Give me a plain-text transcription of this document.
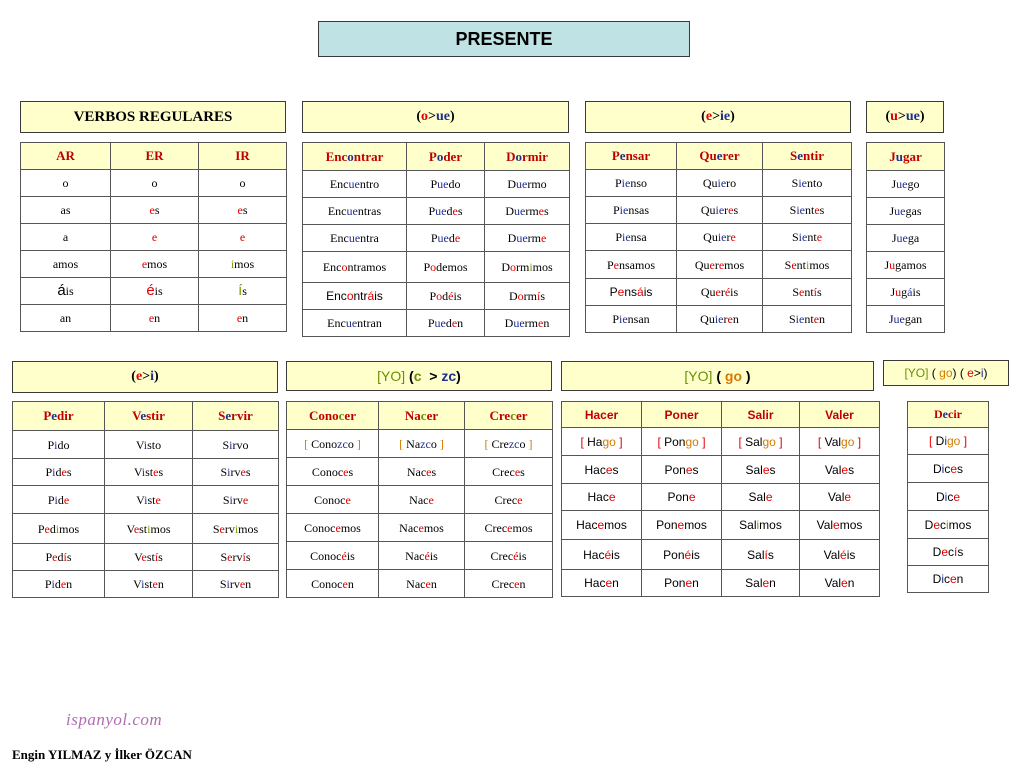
PRESENTE
VERBOS REGULARES	(o>ue)	(e>ie)	(u>ue)
AR	ER	IR
o	o	o
as	es	es
a	e	e
amos	emos	imos
áis	éis	ís
an	en	en
Encontrar	Poder	Dormir
Encuentro	Puedo	Duermo
Encuentras	Puedes	Duermes
Encuentra	Puede	Duerme
Encontramos	Podemos	Dormimos
Encontráis	Podéis	Dormís
Encuentran	Pueden	Duermen
Pensar	Querer	Sentir
Pienso	Quiero	Siento
Piensas	Quieres	Sientes
Piensa	Quiere	Siente
Pensamos	Queremos	Sentimos
Pensáis	Queréis	Sentís
Piensan	Quieren	Sienten
Jugar
Juego
Juegas
Juega
Jugamos
Jugáis
Juegan
(e>i)	[YO] (c  > zc)	[YO] ( go )	[YO] ( go) ( e>i)
Pedir	Vestir	Servir
Pido	Visto	Sirvo
Pides	Vistes	Sirves
Pide	Viste	Sirve
Pedimos	Vestimos	Servimos
Pedís	Vestís	Servís
Piden	Visten	Sirven
Conocer	Nacer	Crecer
[ Conozco ]	[ Nazco ]	[ Crezco ]
Conoces	Naces	Creces
Conoce	Nace	Crece
Conocemos	Nacemos	Crecemos
Conocéis	Nacéis	Crecéis
Conocen	Nacen	Crecen
Hacer	Poner	Salir	Valer
[ Hago ]	[ Pongo ]	[ Salgo ]	[ Valgo ]
Haces	Pones	Sales	Vales
Hace	Pone	Sale	Vale
Hacemos	Ponemos	Salimos	Valemos
Hacéis	Ponéis	Salís	Valéis
Hacen	Ponen	Salen	Valen
Decir
[ Digo ]
Dices
Dice
Decimos
Decís
Dicen
ispanyol.com
Engin YILMAZ y İlker ÖZCAN
